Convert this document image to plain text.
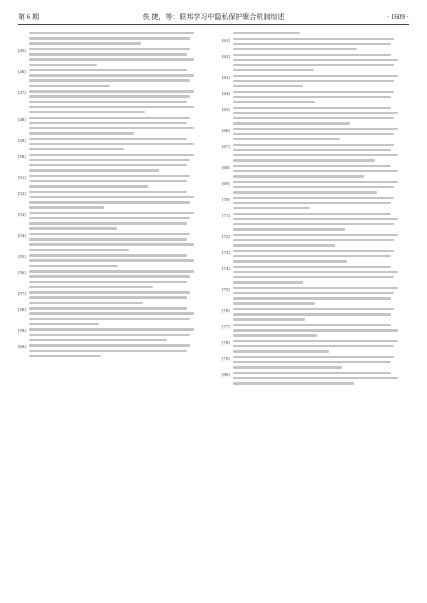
第 6 期	佚 捷，等：联邦学习中隐私保护聚合机制综述	· 1609 ·
[45]
[46]
[47]
[48]
[49]
[50]
[51]
[52]
[53]
[54]
[55]
[56]
[57]
[58]
[59]
[60]
[61]
[62]
[63]
[64]
[65]
[66]
[67]
[68]
[69]
[70]
[71]
[72]
[73]
[74]
[75]
[76]
[77]
[78]
[79]
[80]
